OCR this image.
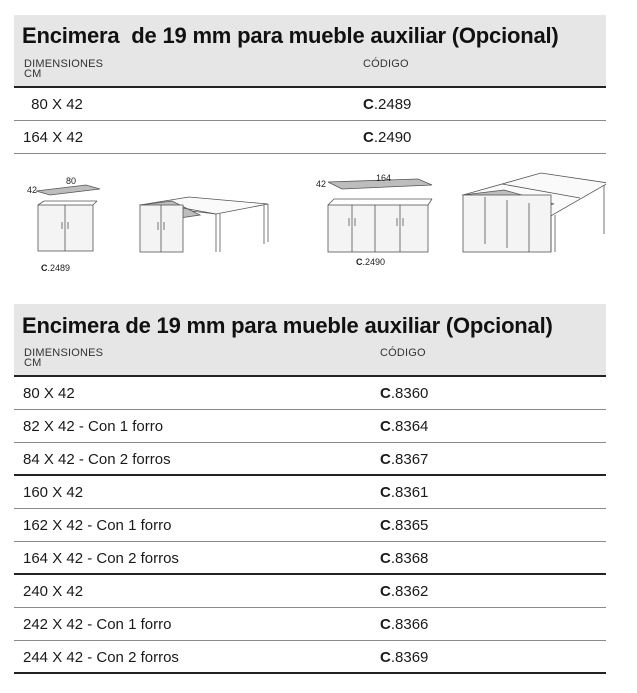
Encimera  de 19 mm para mueble auxiliar (Opcional)
DIMENSIONES
CM
CÓDIGO
80 X 42	C.2489
164 X 42	C.2490
80
42
C.2489
164
42
C.2490
Encimera de 19 mm para mueble auxiliar (Opcional)
DIMENSIONES
CM
CÓDIGO
80 X 42	C.8360
82 X 42 - Con 1 forro	C.8364
84 X 42 - Con 2 forros	C.8367
160 X 42	C.8361
162 X 42 - Con 1 forro	C.8365
164 X 42 - Con 2 forros	C.8368
240 X 42	C.8362
242 X 42 - Con 1 forro	C.8366
244 X 42 - Con 2 forros	C.8369
